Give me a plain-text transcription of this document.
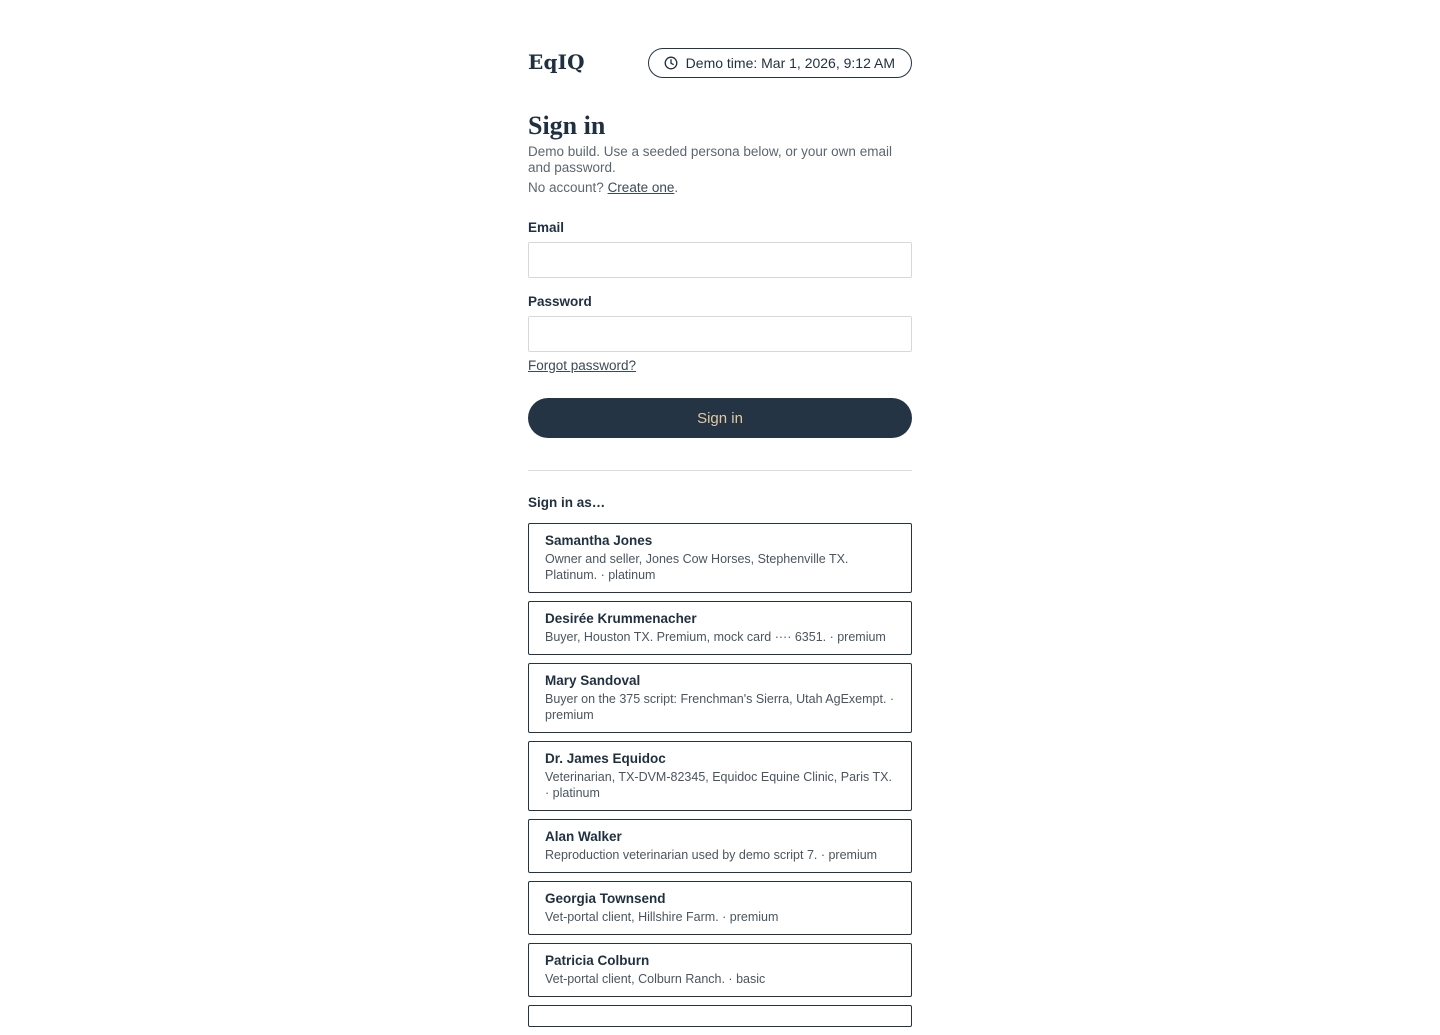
EqIQ	Demo time: Mar 1, 2026, 9:12 AM
Sign in
Demo build. Use a seeded persona below, or your own email and password.
No account? Create one.
Email
Password
Forgot password?
Sign in
Sign in as…
Samantha Jones
Owner and seller, Jones Cow Horses, Stephenville TX. Platinum. · platinum
Desirée Krummenacher
Buyer, Houston TX. Premium, mock card ···· 6351. · premium
Mary Sandoval
Buyer on the 375 script: Frenchman's Sierra, Utah AgExempt. · premium
Dr. James Equidoc
Veterinarian, TX-DVM-82345, Equidoc Equine Clinic, Paris TX. · platinum
Alan Walker
Reproduction veterinarian used by demo script 7. · premium
Georgia Townsend
Vet-portal client, Hillshire Farm. · premium
Patricia Colburn
Vet-portal client, Colburn Ranch. · basic
